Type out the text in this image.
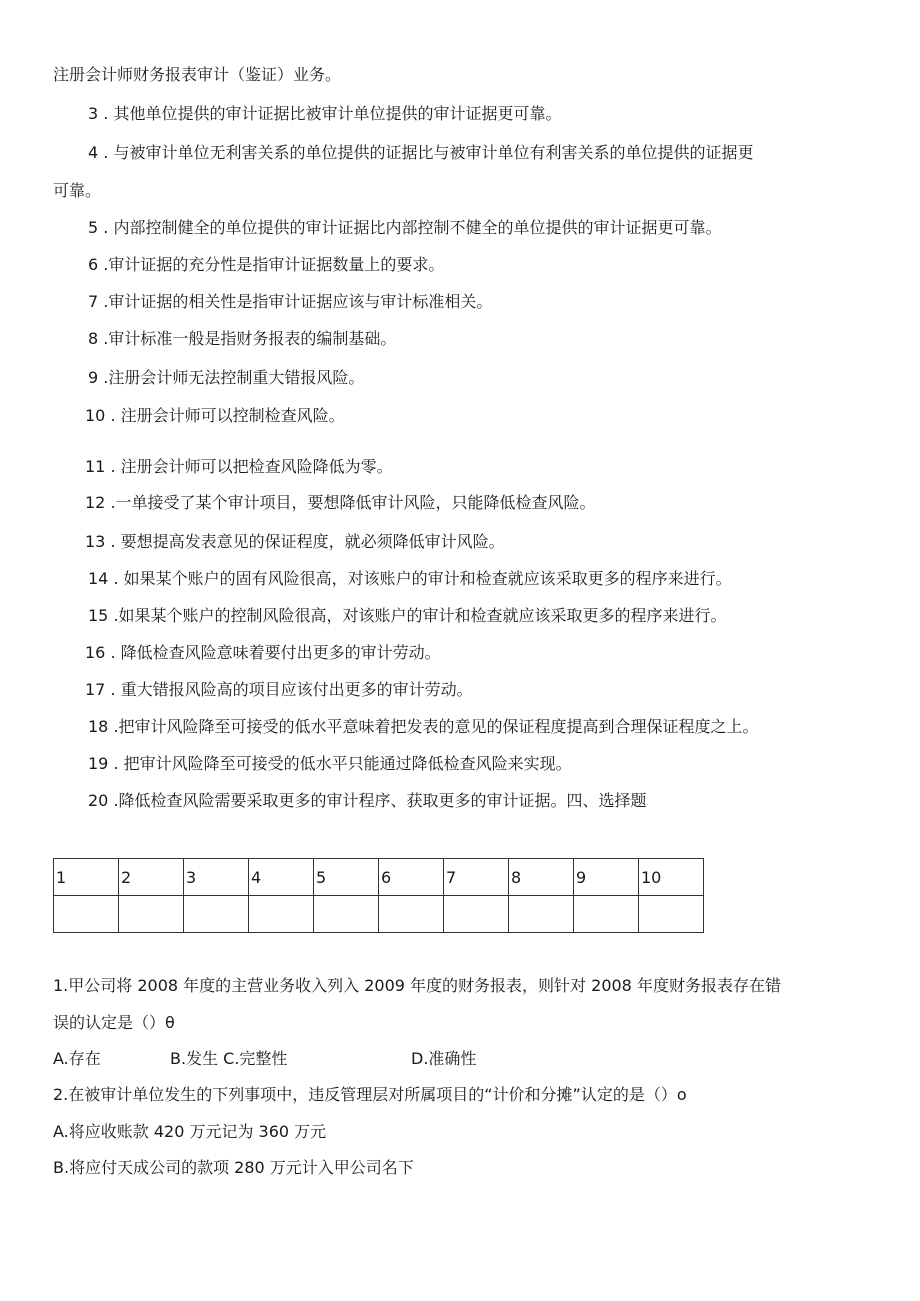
注册会计师财务报表审计（鉴证）业务。
3 . 其他单位提供的审计证据比被审计单位提供的审计证据更可靠。
4 . 与被审计单位无利害关系的单位提供的证据比与被审计单位有利害关系的单位提供的证据更
可靠。
5 . 内部控制健全的单位提供的审计证据比内部控制不健全的单位提供的审计证据更可靠。
6 .审计证据的充分性是指审计证据数量上的要求。
7 .审计证据的相关性是指审计证据应该与审计标准相关。
8 .审计标准一般是指财务报表的编制基础。
9 .注册会计师无法控制重大错报风险。
10 . 注册会计师可以控制检查风险。
11 . 注册会计师可以把检查风险降低为零。
12 .一单接受了某个审计项目，要想降低审计风险，只能降低检查风险。
13 . 要想提高发表意见的保证程度，就必须降低审计风险。
14 . 如果某个账户的固有风险很高，对该账户的审计和检查就应该采取更多的程序来进行。
15 .如果某个账户的控制风险很高，对该账户的审计和检查就应该采取更多的程序来进行。
16 . 降低检查风险意味着要付出更多的审计劳动。
17 . 重大错报风险高的项目应该付出更多的审计劳动。
18 .把审计风险降至可接受的低水平意味着把发表的意见的保证程度提高到合理保证程度之上。
19 . 把审计风险降至可接受的低水平只能通过降低检查风险来实现。
20 .降低检查风险需要采取更多的审计程序、获取更多的审计证据。四、选择题
1	2	3	4	5	6	7	8	9	10

1.甲公司将 2008 年度的主营业务收入列入 2009 年度的财务报表，则针对 2008 年度财务报表存在错
误的认定是（）θ
A.存在	B.发生 C.完整性	D.准确性
2.在被审计单位发生的下列事项中，违反管理层对所属项目的“计价和分摊”认定的是（）o
A.将应收账款 420 万元记为 360 万元
B.将应付天成公司的款项 280 万元计入甲公司名下
